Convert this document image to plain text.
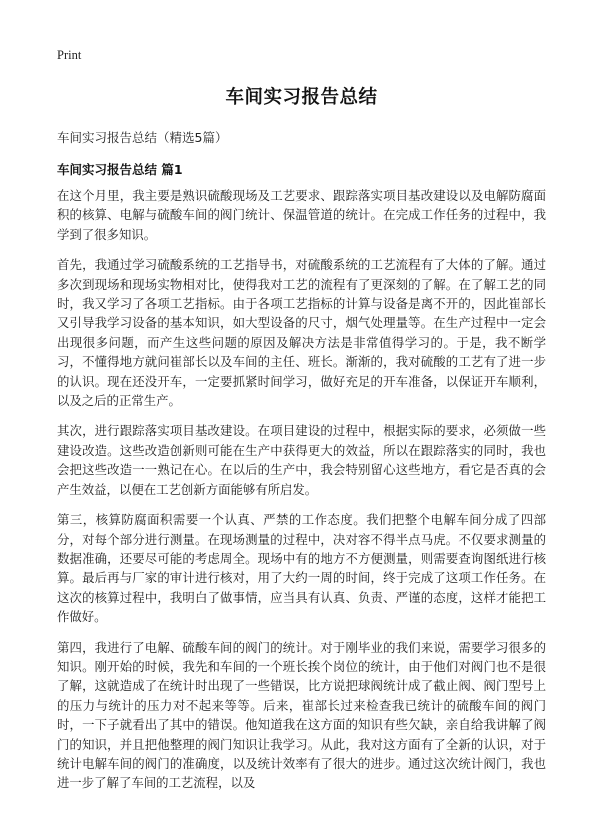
Print
车间实习报告总结
车间实习报告总结（精选5篇）
车间实习报告总结 篇1

在这个月里，我主要是熟识硫酸现场及工艺要求、跟踪落实项目基改建设以及电解防腐面积的核算、电解与硫酸车间的阀门统计、保温管道的统计。在完成工作任务的过程中，我学到了很多知识。

首先，我通过学习硫酸系统的工艺指导书，对硫酸系统的工艺流程有了大体的了解。通过多次到现场和现场实物相对比，使得我对工艺的流程有了更深刻的了解。在了解工艺的同时，我又学习了各项工艺指标。由于各项工艺指标的计算与设备是离不开的，因此崔部长又引导我学习设备的基本知识，如大型设备的尺寸，烟气处理量等。在生产过程中一定会出现很多问题，而产生这些问题的原因及解决方法是非常值得学习的。于是，我不断学习，不懂得地方就问崔部长以及车间的主任、班长。渐渐的，我对硫酸的工艺有了进一步的认识。现在还没开车，一定要抓紧时间学习，做好充足的开车准备，以保证开车顺利，以及之后的正常生产。

其次，进行跟踪落实项目基改建设。在项目建设的过程中，根据实际的要求，必须做一些建设改造。这些改造创新则可能在生产中获得更大的效益，所以在跟踪落实的同时，我也会把这些改造一一熟记在心。在以后的生产中，我会特别留心这些地方，看它是否真的会产生效益，以便在工艺创新方面能够有所启发。

第三，核算防腐面积需要一个认真、严禁的工作态度。我们把整个电解车间分成了四部分，对每个部分进行测量。在现场测量的过程中，决对容不得半点马虎。不仅要求测量的数据准确，还要尽可能的考虑周全。现场中有的地方不方便测量，则需要查询图纸进行核算。最后再与厂家的审计进行核对，用了大约一周的时间，终于完成了这项工作任务。在这次的核算过程中，我明白了做事情，应当具有认真、负责、严谨的态度，这样才能把工作做好。

第四，我进行了电解、硫酸车间的阀门的统计。对于刚毕业的我们来说，需要学习很多的知识。刚开始的时候，我先和车间的一个班长挨个岗位的统计，由于他们对阀门也不是很了解，这就造成了在统计时出现了一些错误，比方说把球阀统计成了截止阀、阀门型号上的压力与统计的压力对不起来等等。后来，崔部长过来检查我已统计的硫酸车间的阀门时，一下子就看出了其中的错误。他知道我在这方面的知识有些欠缺，亲自给我讲解了阀门的知识，并且把他整理的阀门知识让我学习。从此，我对这方面有了全新的认识，对于统计电解车间的阀门的准确度，以及统计效率有了很大的进步。通过这次统计阀门，我也进一步了解了车间的工艺流程，以及
